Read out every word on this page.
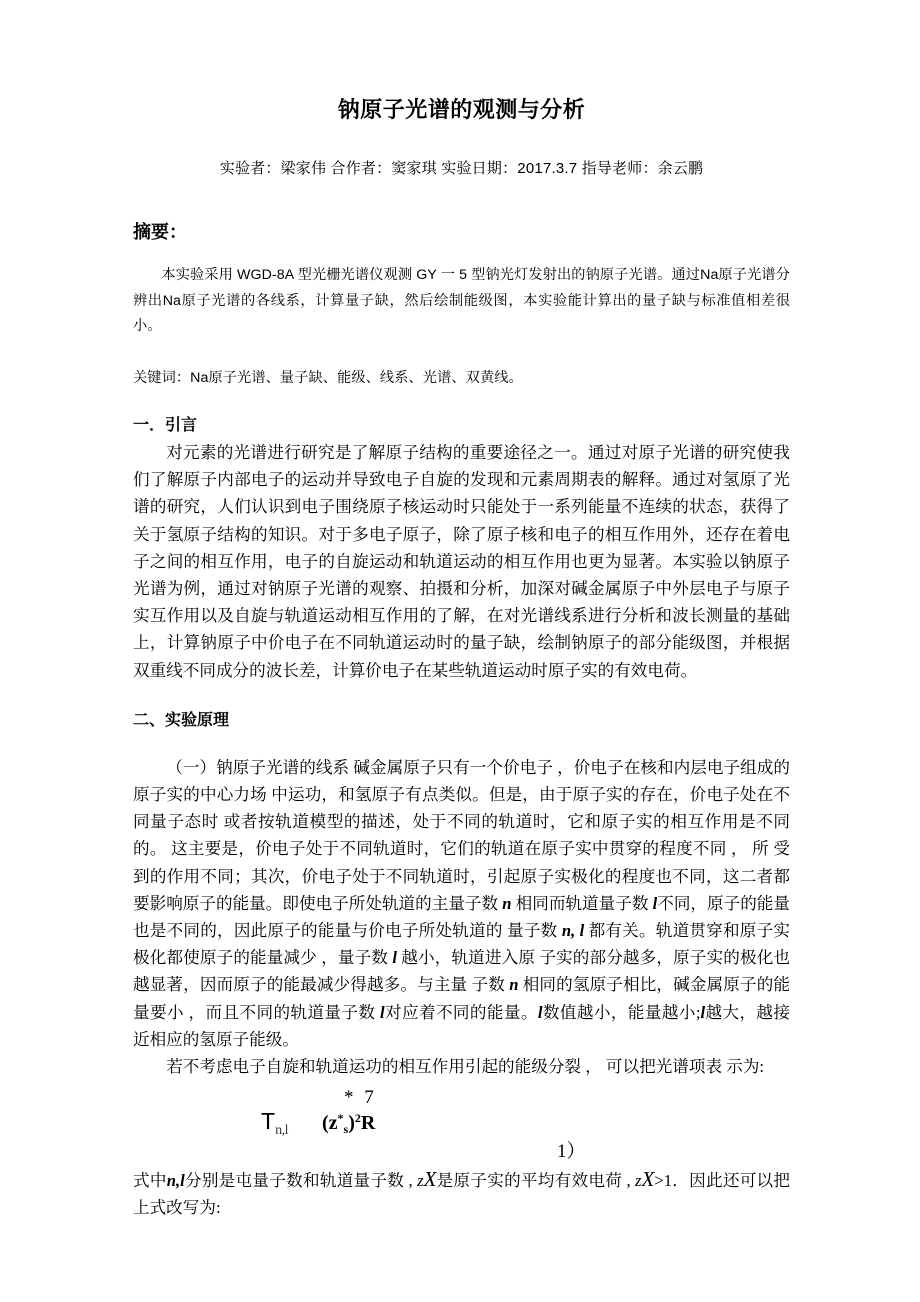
钠原子光谱的观测与分析

实验者：梁家伟 合作者：窦家琪 实验日期：2017.3.7 指导老师：余云鹏

摘要：

本实验采用 WGD-8A 型光栅光谱仪观测 GY 一 5 型钠光灯发射出的钠原子光谱。通过Na原子光谱分辨出Na原子光谱的各线系，计算量子缺，然后绘制能级图，本实验能计算出的量子缺与标准值相差很小。

关键词：Na原子光谱、量子缺、能级、线系、光谱、双黄线。

一．引言

对元素的光谱进行研究是了解原子结构的重要途径之一。通过对原子光谱的研究使我们了解原子内部电子的运动并导致电子自旋的发现和元素周期表的解释。通过对氢原了光谱的研究，人们认识到电子围绕原子核运动时只能处于一系列能量不连续的状态，获得了关于氢原子结构的知识。对于多电子原子，除了原子核和电子的相互作用外，还存在着电子之间的相互作用，电子的自旋运动和轨道运动的相互作用也更为显著。本实验以钠原子光谱为例，通过对钠原子光谱的观察、拍摄和分析，加深对碱金属原子中外层电子与原子实互作用以及自旋与轨道运动相互作用的了解，在对光谱线系进行分析和波长测量的基础上，计算钠原子中价电子在不同轨道运动时的量子缺，绘制钠原子的部分能级图，并根据双重线不同成分的波长差，计算价电子在某些轨道运动时原子实的有效电荷。

二、实验原理

（一）钠原子光谱的线系 碱金属原子只有一个价电子 ，价电子在核和内层电子组成的原子实的中心力场 中运功，和氢原子有点类似。但是，由于原子实的存在，价电子处在不同量子态时 或者按轨道模型的描述，处于不同的轨道时，它和原子实的相互作用是不同的。 这主要是，价电子处于不同轨道时，它们的轨道在原子实中贯穿的程度不同 ， 所 受到的作用不同；其次，价电子处于不同轨道时，引起原子实极化的程度也不同，这二者都要影响原子的能量。即使电子所处轨道的主量子数 n 相同而轨道量子数 l不同，原子的能量也是不同的，因此原子的能量与价电子所处轨道的 量子数 n, l 都有关。轨道贯穿和原子实极化都使原子的能量减少 ，量子数 l 越小，轨道进入原 子实的部分越多，原子实的极化也越显著，因而原子的能最减少得越多。与主量 子数 n 相同的氢原子相比，碱金属原子的能量要小 ，而且不同的轨道量子数 l对应着不同的能量。l数值越小，能量越小;l越大，越接近相应的氢原子能级。

若不考虑电子自旋和轨道运功的相互作用引起的能级分裂 ， 可以把光谱项表 示为:

Tn,l
* 7
$(z^*_s)^2R$
1）

式中n,l分别是屯量子数和轨道量子数 , zX是原子实的平均有效电荷 , zX>1．因此还可以把上式改写为:
